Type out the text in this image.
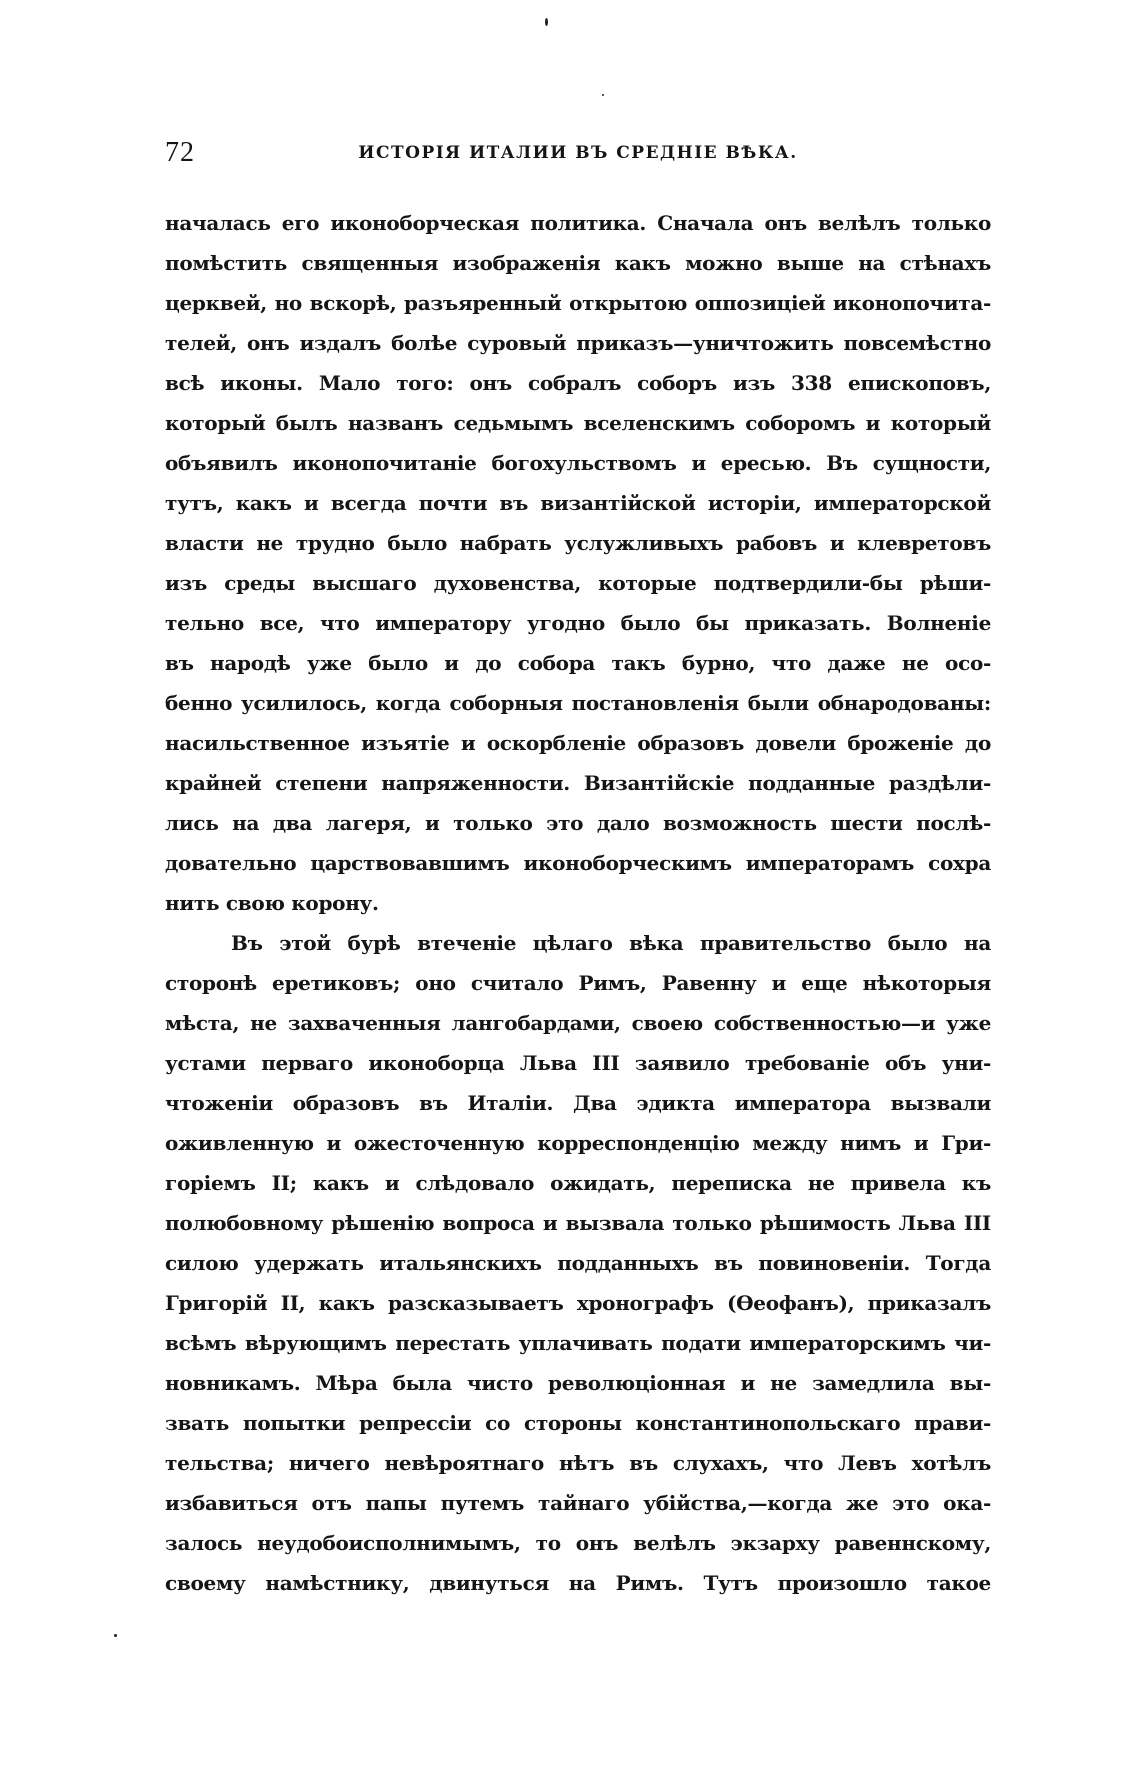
72	ИСТОРІЯ ИТАЛИИ ВЪ СРЕДНІЕ ВѢКА.
началась его иконоборческая политика. Сначала онъ велѣлъ только
помѣстить священныя изображенія какъ можно выше на стѣнахъ
церквей, но вскорѣ, разъяренный открытою оппозиціей иконопочита-
телей, онъ издалъ болѣе суровый приказъ—уничтожить повсемѣстно
всѣ иконы. Мало того: онъ собралъ соборъ изъ 338 епископовъ,
который былъ названъ седьмымъ вселенскимъ соборомъ и который
объявилъ иконопочитаніе богохульствомъ и ересью. Въ сущности,
тутъ, какъ и всегда почти въ византійской исторіи, императорской
власти не трудно было набрать услужливыхъ рабовъ и клевретовъ
изъ среды высшаго духовенства, которые подтвердили-бы рѣши-
тельно все, что императору угодно было бы приказать. Волненіе
въ народѣ уже было и до собора такъ бурно, что даже не осо-
бенно усилилось, когда соборныя постановленія были обнародованы:
насильственное изъятіе и оскорбленіе образовъ довели броженіе до
крайней степени напряженности. Византійскіе подданные раздѣли-
лись на два лагеря, и только это дало возможность шести послѣ-
довательно царствовавшимъ иконоборческимъ императорамъ сохра
нить свою корону.
Въ этой бурѣ втеченіе цѣлаго вѣка правительство было на
сторонѣ еретиковъ; оно считало Римъ, Равенну и еще нѣкоторыя
мѣста, не захваченныя лангобардами, своею собственностью—и уже
устами перваго иконоборца Льва III заявило требованіе объ уни-
чтоженіи образовъ въ Италіи. Два эдикта императора вызвали
оживленную и ожесточенную корреспонденцію между нимъ и Гри-
горіемъ II; какъ и слѣдовало ожидать, переписка не привела къ
полюбовному рѣшенію вопроса и вызвала только рѣшимость Льва III
силою удержать итальянскихъ подданныхъ въ повиновеніи. Тогда
Григорій II, какъ разсказываетъ хронографъ (Ѳеофанъ), приказалъ
всѣмъ вѣрующимъ перестать уплачивать подати императорскимъ чи-
новникамъ. Мѣра была чисто революціонная и не замедлила вы-
звать попытки репрессіи со стороны константинопольскаго прави-
тельства; ничего невѣроятнаго нѣтъ въ слухахъ, что Левъ хотѣлъ
избавиться отъ папы путемъ тайнаго убійства,—когда же это ока-
залось неудобоисполнимымъ, то онъ велѣлъ экзарху равеннскому,
своему намѣстнику, двинуться на Римъ. Тутъ произошло такое
